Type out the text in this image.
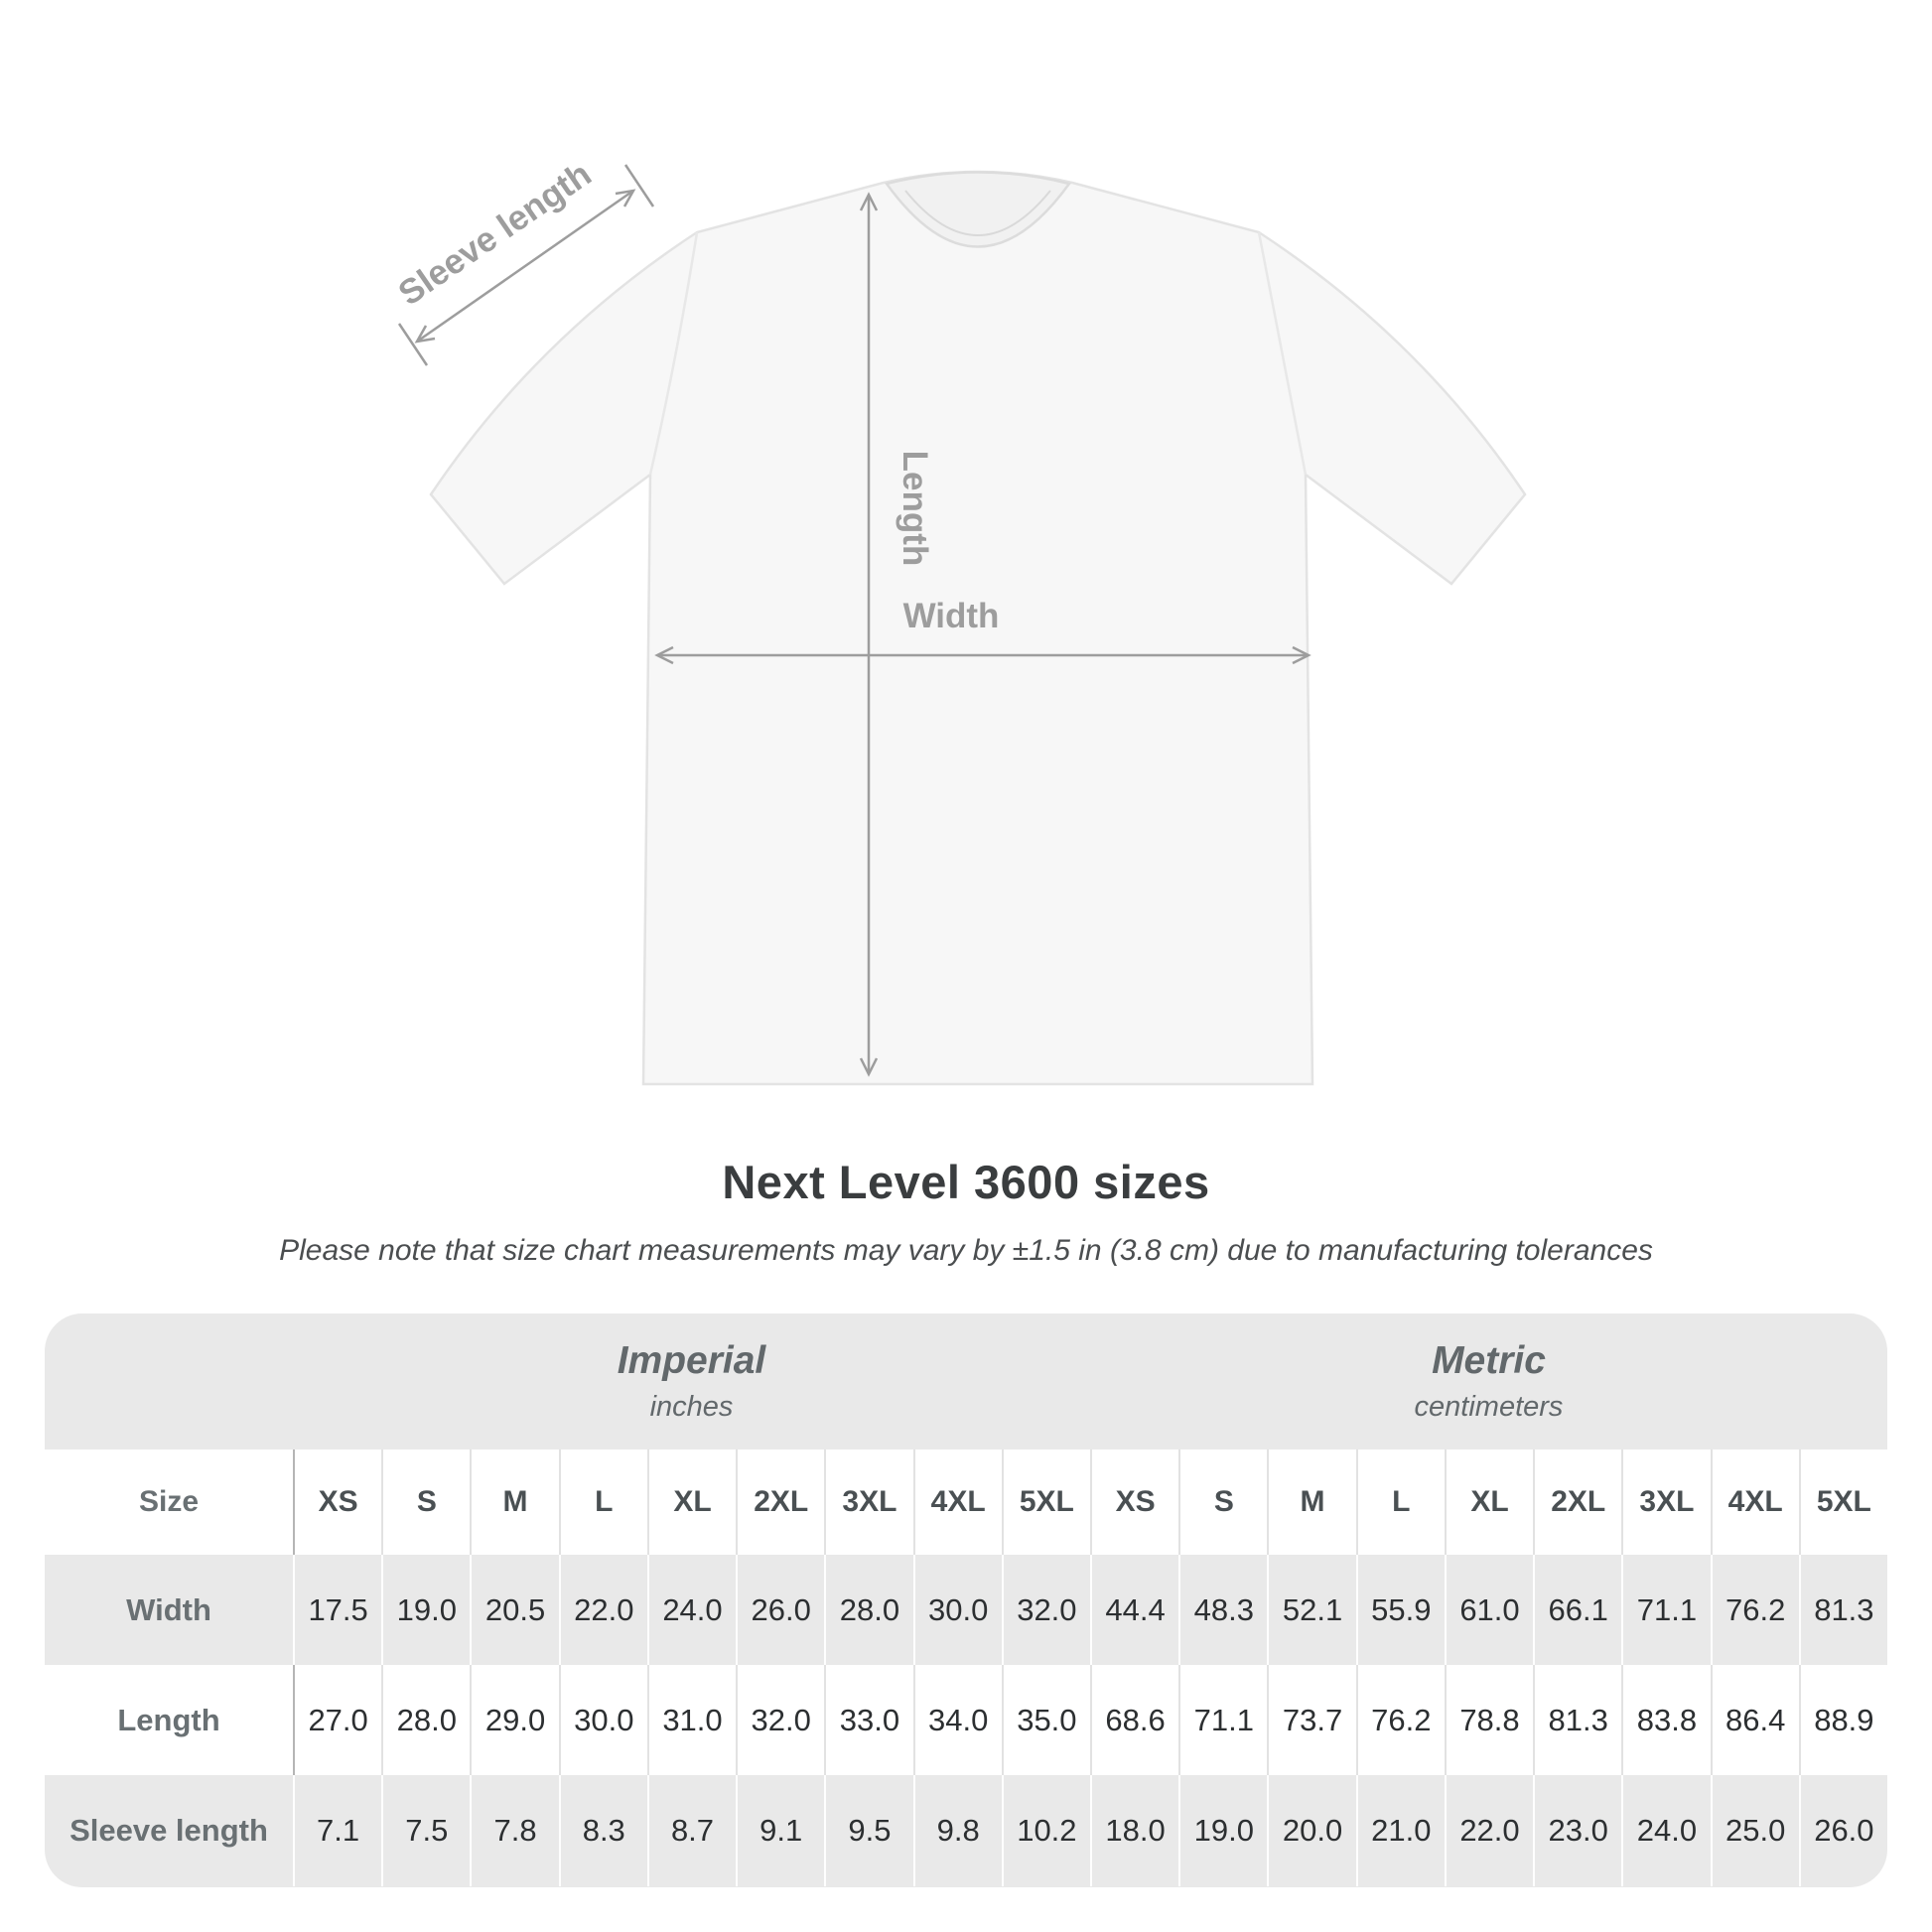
Width
Length
Sleeve length
Next Level 3600 sizes
Please note that size chart measurements may vary by ±1.5 in (3.8 cm) due to manufacturing tolerances
Imperial
inches
Metric
centimeters
Size	XS	S	M	L	XL	2XL	3XL	4XL	5XL	XS	S	M	L	XL	2XL	3XL	4XL	5XL
Width	17.5 19.0 20.5 22.0 24.0 26.0 28.0 30.0 32.0 44.4 48.3 52.1 55.9 61.0 66.1 71.1 76.2 81.3
Length	27.0 28.0 29.0 30.0 31.0 32.0 33.0 34.0 35.0 68.6 71.1 73.7 76.2 78.8 81.3 83.8 86.4 88.9
Sleeve length	7.1	7.5	7.8	8.3	8.7	9.1	9.5	9.8	10.2 18.0 19.0 20.0 21.0 22.0 23.0 24.0 25.0 26.0
